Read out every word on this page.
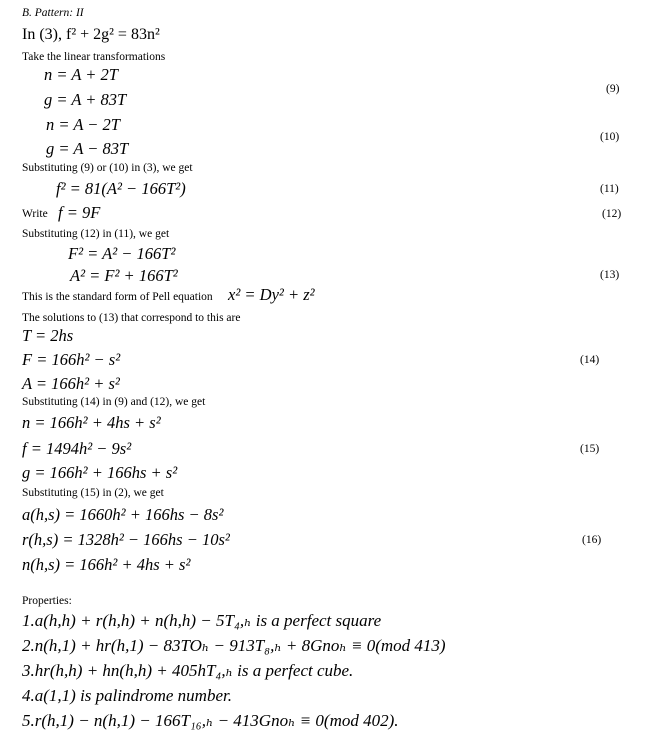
B. Pattern: II
In (3), f² + 2g² = 83n²
Take the linear transformations
n = A + 2T
g = A + 83T
(9)
n = A − 2T
g = A − 83T
(10)
Substituting (9) or (10) in (3), we get
f² = 81(A² − 166T²)	(11)
Write f = 9F	(12)
Substituting (12) in (11), we get
F² = A² − 166T²
A² = F² + 166T²	(13)
This is the standard form of Pell equation x² = Dy² + z²
The solutions to (13) that correspond to this are
T = 2hs
F = 166h² − s²	(14)
A = 166h² + s²
Substituting (14) in (9) and (12), we get
n = 166h² + 4hs + s²
f = 1494h² − 9s²	(15)
g = 166h² + 166hs + s²
Substituting (15) in (2), we get
a(h,s) = 1660h² + 166hs − 8s²
r(h,s) = 1328h² − 166hs − 10s²	(16)
n(h,s) = 166h² + 4hs + s²
Properties:
1.a(h,h) + r(h,h) + n(h,h) − 5T₄,ₕ is a perfect square
2.n(h,1) + hr(h,1) − 83TOₕ − 913T₈,ₕ + 8Gnoₕ ≡ 0(mod 413)
3.hr(h,h) + hn(h,h) + 405hT₄,ₕ is a perfect cube.
4.a(1,1) is palindrome number.
5.r(h,1) − n(h,1) − 166T₁₆,ₕ − 413Gnoₕ ≡ 0(mod 402).
